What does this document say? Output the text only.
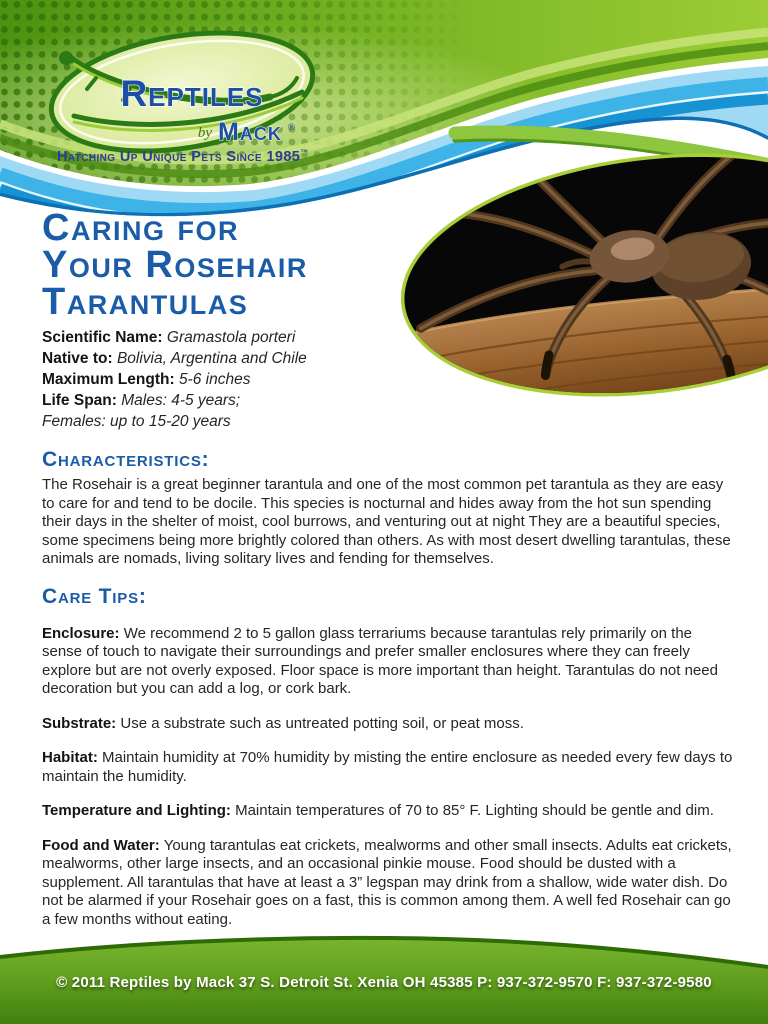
Reptiles
by Mack ®
Hatching Up Unique Pets Since 1985™
Caring for
Your Rosehair
Tarantulas
Scientific Name: Gramastola porteri
Native to: Bolivia, Argentina and Chile
Maximum Length: 5-6 inches
Life Span: Males: 4-5 years;
Females: up to 15-20 years
Characteristics:

The Rosehair is a great beginner tarantula and one of the most common pet tarantula as they are easy to care for and tend to be docile. This species is nocturnal and hides away from the hot sun spending their days in the shelter of moist, cool burrows, and venturing out at night They are a beautiful species, some specimens being more brightly colored than others. As with most desert dwelling tarantulas, these animals are nomads, living solitary lives and fending for themselves.

Care Tips:

Enclosure: We recommend 2 to 5 gallon glass terrariums because tarantulas rely primarily on the sense of touch to navigate their surroundings and prefer smaller enclosures where they can freely explore but are not overly exposed. Floor space is more important than height. Tarantulas do not need decoration but you can add a log, or cork bark.

Substrate: Use a substrate such as untreated potting soil, or peat moss.

Habitat: Maintain humidity at 70% humidity by misting the entire enclosure as needed every few days to maintain the humidity.

Temperature and Lighting: Maintain temperatures of 70 to 85° F. Lighting should be gentle and dim.

Food and Water: Young tarantulas eat crickets, mealworms and other small insects. Adults eat crickets, mealworms, other large insects, and an occasional pinkie mouse. Food should be dusted with a supplement. All tarantulas that have at least a 3” legspan may drink from a shallow, wide water dish. Do not be alarmed if your Rosehair goes on a fast, this is common among them. A well fed Rosehair can go a few months without eating.

© 2011 Reptiles by Mack 37 S. Detroit St. Xenia OH 45385 P: 937-372-9570 F: 937-372-9580
